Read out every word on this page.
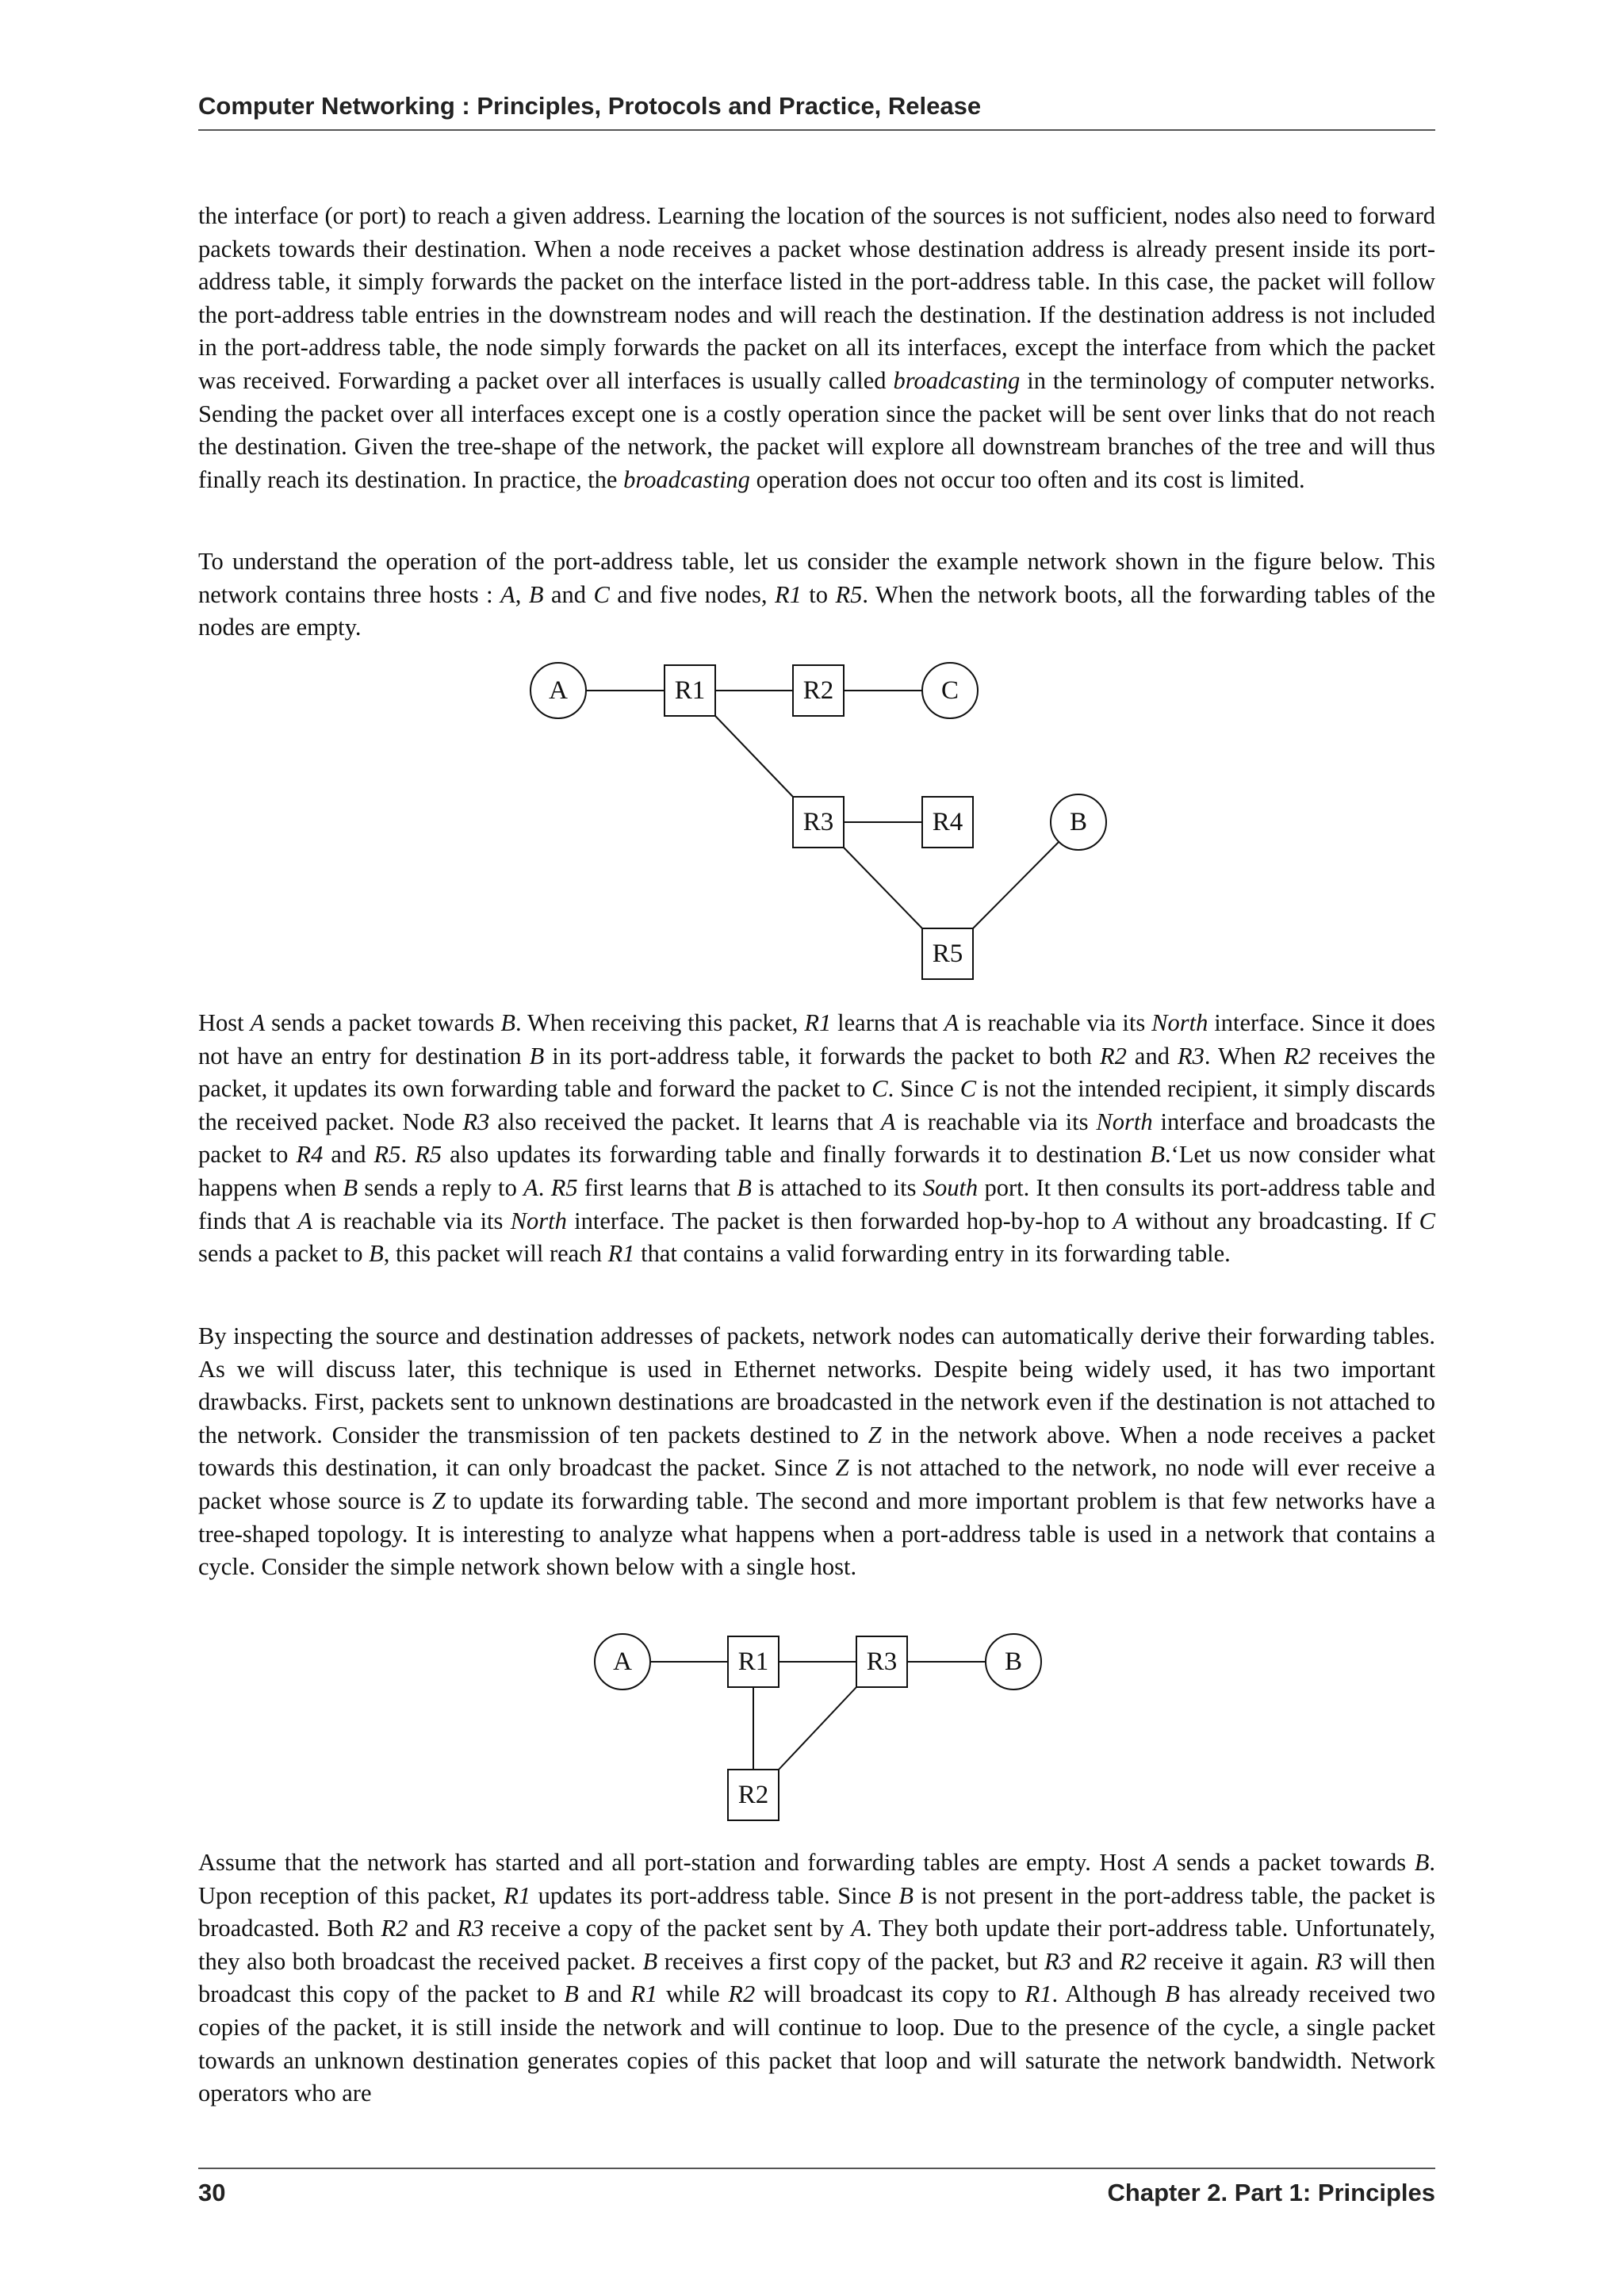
Computer Networking : Principles, Protocols and Practice, Release

the interface (or port) to reach a given address. Learning the location of the sources is not sufficient, nodes also need to forward packets towards their destination. When a node receives a packet whose destination address is already present inside its port-address table, it simply forwards the packet on the interface listed in the port-address table. In this case, the packet will follow the port-address table entries in the downstream nodes and will reach the destination. If the destination address is not included in the port-address table, the node simply forwards the packet on all its interfaces, except the interface from which the packet was received. Forwarding a packet over all interfaces is usually called broadcasting in the terminology of computer networks. Sending the packet over all interfaces except one is a costly operation since the packet will be sent over links that do not reach the destination. Given the tree-shape of the network, the packet will explore all downstream branches of the tree and will thus finally reach its destination. In practice, the broadcasting operation does not occur too often and its cost is limited.

To understand the operation of the port-address table, let us consider the example network shown in the figure below. This network contains three hosts : A, B and C and five nodes, R1 to R5. When the network boots, all the forwarding tables of the nodes are empty.

A	R1	R2	C
R3	R4	B
R5

Host A sends a packet towards B. When receiving this packet, R1 learns that A is reachable via its North interface. Since it does not have an entry for destination B in its port-address table, it forwards the packet to both R2 and R3. When R2 receives the packet, it updates its own forwarding table and forward the packet to C. Since C is not the intended recipient, it simply discards the received packet. Node R3 also received the packet. It learns that A is reachable via its North interface and broadcasts the packet to R4 and R5. R5 also updates its forwarding table and finally forwards it to destination B.‘Let us now consider what happens when B sends a reply to A. R5 first learns that B is attached to its South port. It then consults its port-address table and finds that A is reachable via its North interface. The packet is then forwarded hop-by-hop to A without any broadcasting. If C sends a packet to B, this packet will reach R1 that contains a valid forwarding entry in its forwarding table.

By inspecting the source and destination addresses of packets, network nodes can automatically derive their forwarding tables. As we will discuss later, this technique is used in Ethernet networks. Despite being widely used, it has two important drawbacks. First, packets sent to unknown destinations are broadcasted in the network even if the destination is not attached to the network. Consider the transmission of ten packets destined to Z in the network above. When a node receives a packet towards this destination, it can only broadcast the packet. Since Z is not attached to the network, no node will ever receive a packet whose source is Z to update its forwarding table. The second and more important problem is that few networks have a tree-shaped topology. It is interesting to analyze what happens when a port-address table is used in a network that contains a cycle. Consider the simple network shown below with a single host.

A	R1	R3	B
R2

Assume that the network has started and all port-station and forwarding tables are empty. Host A sends a packet towards B. Upon reception of this packet, R1 updates its port-address table. Since B is not present in the port-address table, the packet is broadcasted. Both R2 and R3 receive a copy of the packet sent by A. They both update their port-address table. Unfortunately, they also both broadcast the received packet. B receives a first copy of the packet, but R3 and R2 receive it again. R3 will then broadcast this copy of the packet to B and R1 while R2 will broadcast its copy to R1. Although B has already received two copies of the packet, it is still inside the network and will continue to loop. Due to the presence of the cycle, a single packet towards an unknown destination generates copies of this packet that loop and will saturate the network bandwidth. Network operators who are

30	Chapter 2. Part 1: Principles
